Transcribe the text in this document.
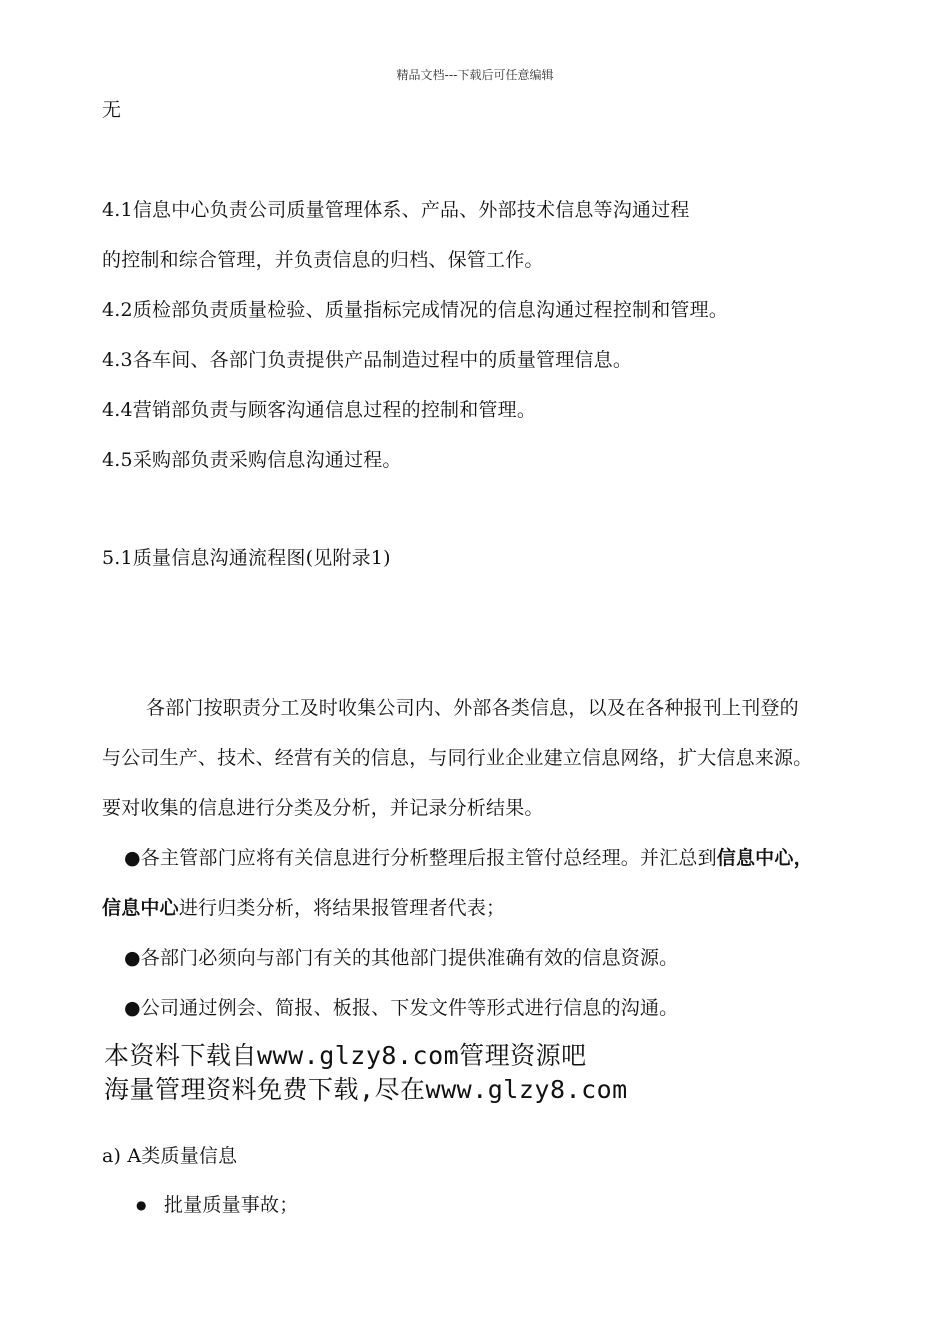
精品文档---下载后可任意编辑
无
4.1信息中心负责公司质量管理体系、产品、外部技术信息等沟通过程
的控制和综合管理，并负责信息的归档、保管工作。
4.2质检部负责质量检验、质量指标完成情况的信息沟通过程控制和管理。
4.3各车间、各部门负责提供产品制造过程中的质量管理信息。
4.4营销部负责与顾客沟通信息过程的控制和管理。
4.5采购部负责采购信息沟通过程。
5.1质量信息沟通流程图(见附录1)
各部门按职责分工及时收集公司内、外部各类信息，以及在各种报刊上刊登的
与公司生产、技术、经营有关的信息，与同行业企业建立信息网络，扩大信息来源。
要对收集的信息进行分类及分析，并记录分析结果。
●各主管部门应将有关信息进行分析整理后报主管付总经理。并汇总到信息中心，
信息中心进行归类分析，将结果报管理者代表；
●各部门必须向与部门有关的其他部门提供准确有效的信息资源。
●公司通过例会、简报、板报、下发文件等形式进行信息的沟通。
本资料下载自www.glzy8.com管理资源吧
海量管理资料免费下载,尽在www.glzy8.com
a) A类质量信息
● 批量质量事故；
